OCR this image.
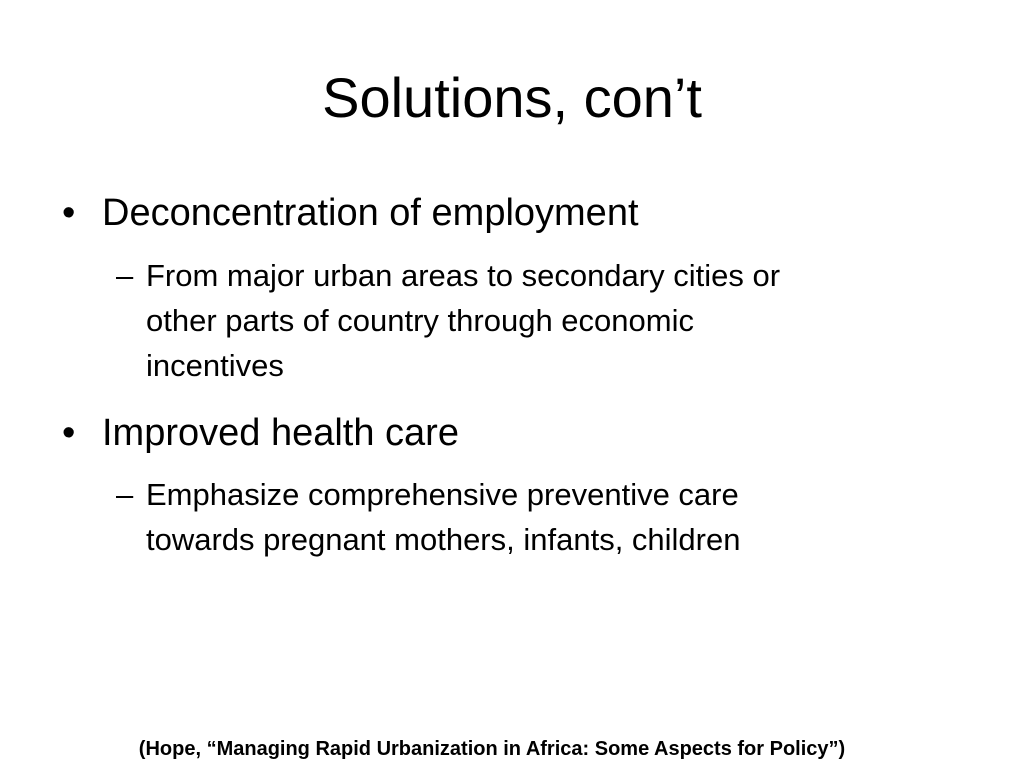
Solutions, con’t
• Deconcentration of employment
– From major urban areas to secondary cities or
other parts of country through economic
incentives
• Improved health care
– Emphasize comprehensive preventive care
towards pregnant mothers, infants, children
(Hope, “Managing Rapid Urbanization in Africa: Some Aspects for Policy”)
